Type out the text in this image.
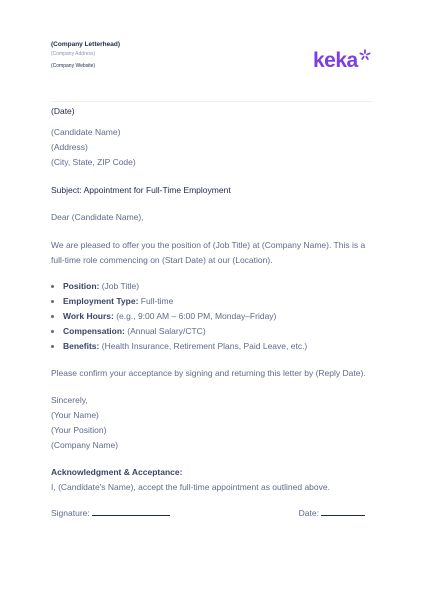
(Company Letterhead)
(Company Address)
(Company Website)	keka
(Date)
(Candidate Name)
(Address)
(City, State, ZIP Code)
Subject: Appointment for Full-Time Employment
Dear (Candidate Name),
We are pleased to offer you the position of (Job Title) at (Company Name). This is a full-time role commencing on (Start Date) at our (Location).
• Position: (Job Title)
• Employment Type: Full-time
• Work Hours: (e.g., 9:00 AM – 6:00 PM, Monday–Friday)
• Compensation: (Annual Salary/CTC)
• Benefits: (Health Insurance, Retirement Plans, Paid Leave, etc.)
Please confirm your acceptance by signing and returning this letter by (Reply Date).
Sincerely,
(Your Name)
(Your Position)
(Company Name)
Acknowledgment & Acceptance:
I, (Candidate's Name), accept the full-time appointment as outlined above.
Signature:	Date:
